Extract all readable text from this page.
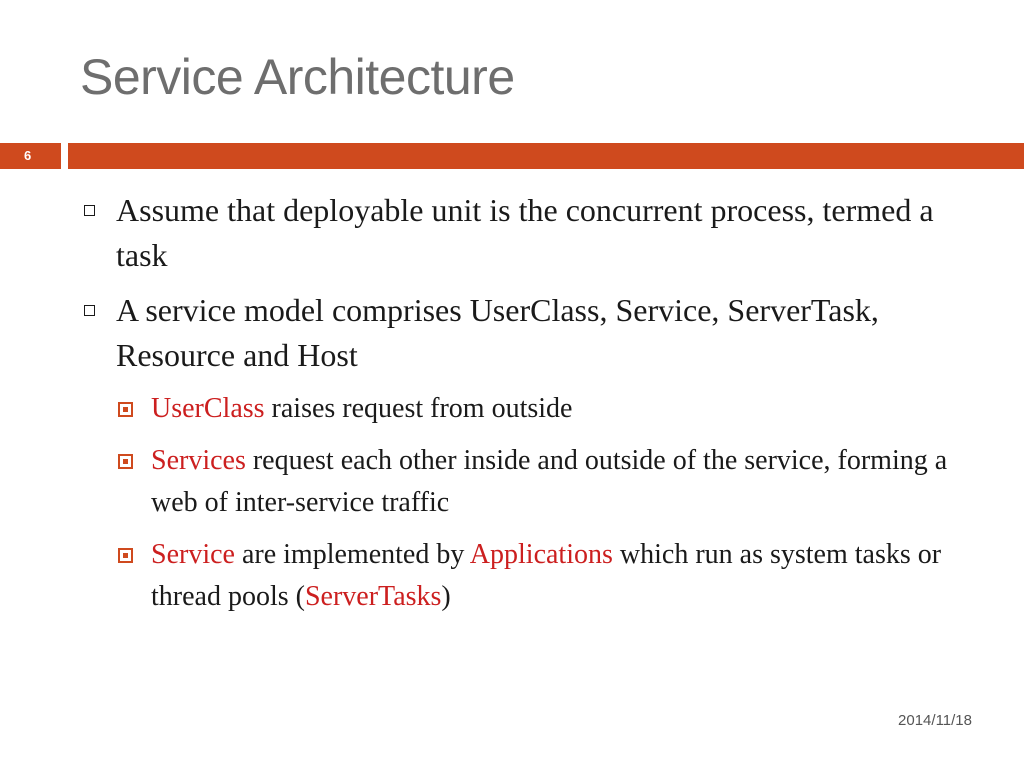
Service Architecture
6
Assume that deployable unit is the concurrent process, termed a task
A service model comprises UserClass, Service, ServerTask, Resource and Host
UserClass raises request from outside
Services request each other inside and outside of the service, forming a web of inter-service traffic
Service are implemented by Applications which run as system tasks or thread pools (ServerTasks)
2014/11/18
